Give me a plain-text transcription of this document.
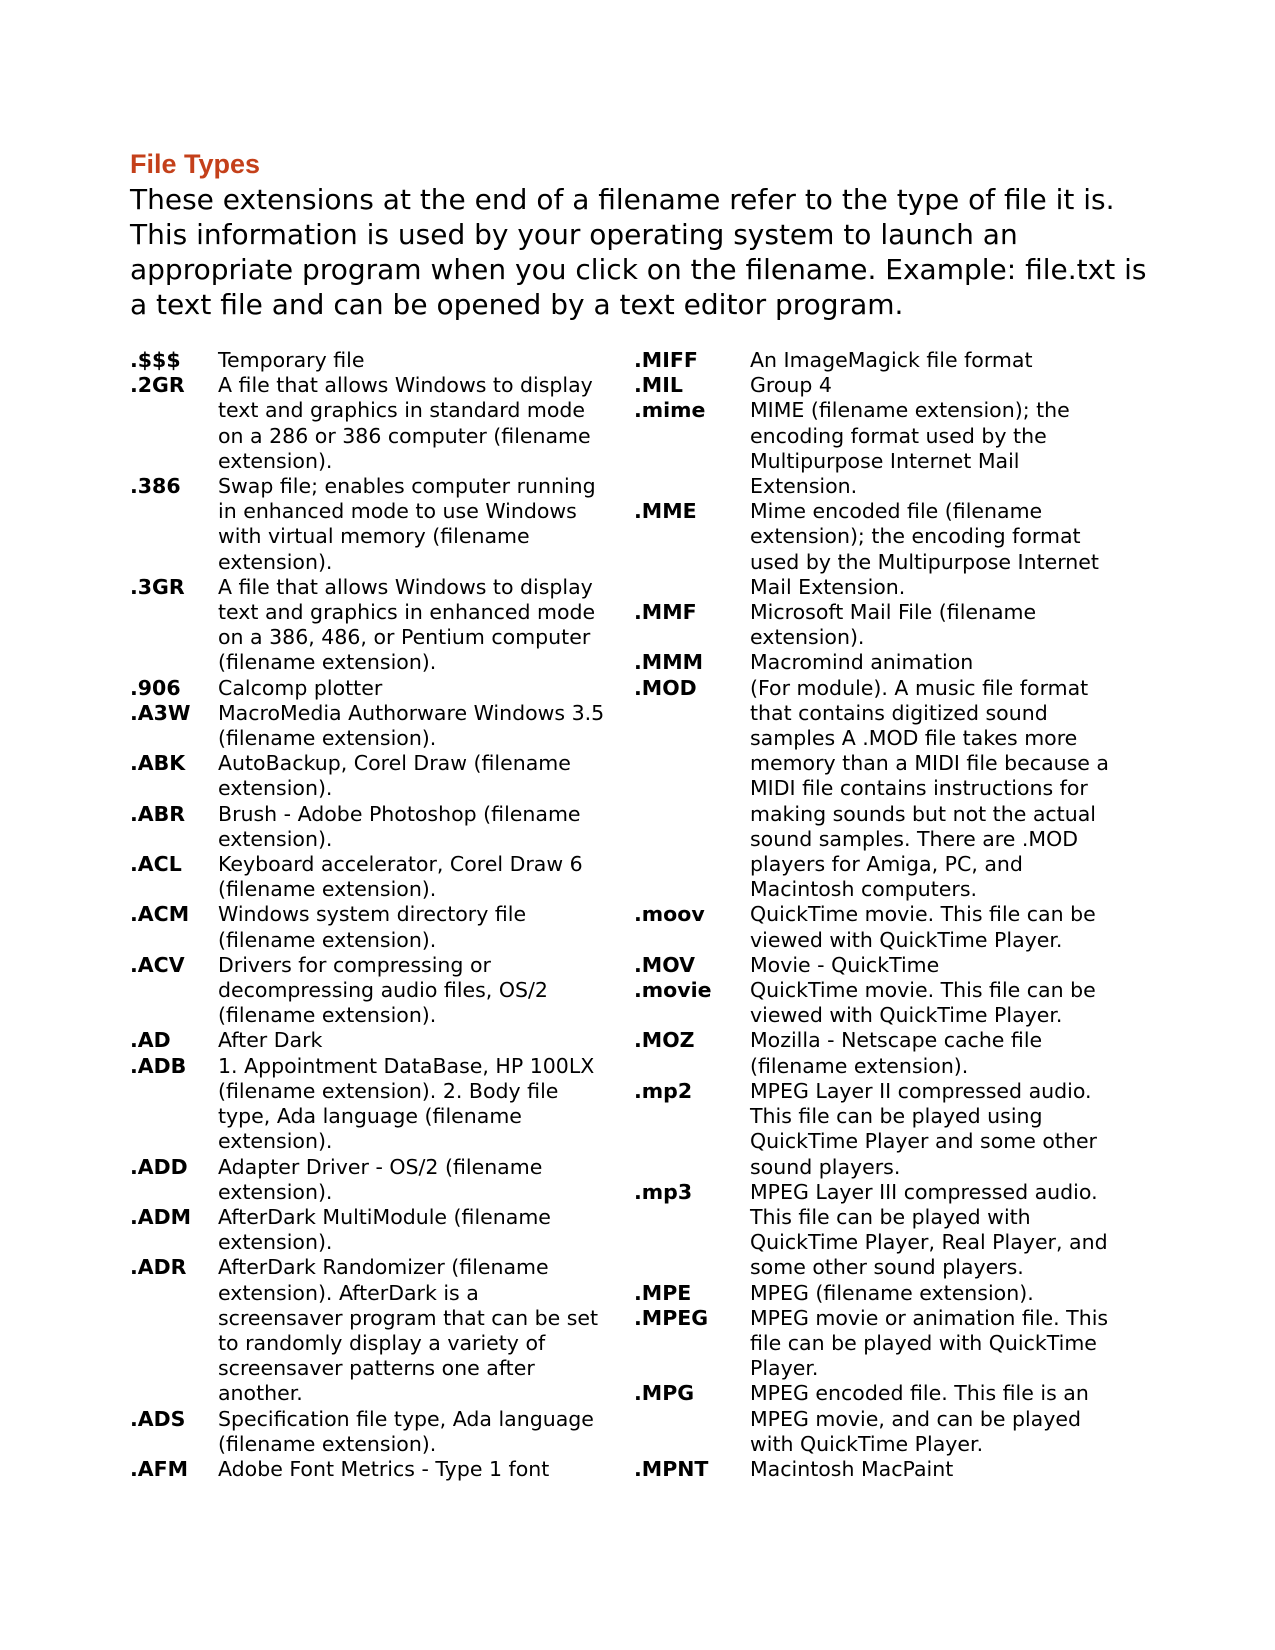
File Types

These extensions at the end of a filename refer to the type of file it is. This information is used by your operating system to launch an appropriate program when you click on the filename. Example: file.txt is a text file and can be opened by a text editor program.

.$$$	Temporary file
.2GR	A file that allows Windows to display
text and graphics in standard mode
on a 286 or 386 computer (filename
extension).
.386	Swap file; enables computer running
in enhanced mode to use Windows
with virtual memory (filename
extension).
.3GR	A file that allows Windows to display
text and graphics in enhanced mode
on a 386, 486, or Pentium computer
(filename extension).
.906	Calcomp plotter
.A3W	MacroMedia Authorware Windows 3.5
(filename extension).
.ABK	AutoBackup, Corel Draw (filename
extension).
.ABR	Brush - Adobe Photoshop (filename
extension).
.ACL	Keyboard accelerator, Corel Draw 6
(filename extension).
.ACM	Windows system directory file
(filename extension).
.ACV	Drivers for compressing or
decompressing audio files, OS/2
(filename extension).
.AD	After Dark
.ADB	1. Appointment DataBase, HP 100LX
(filename extension). 2. Body file
type, Ada language (filename
extension).
.ADD	Adapter Driver - OS/2 (filename
extension).
.ADM	AfterDark MultiModule (filename
extension).
.ADR	AfterDark Randomizer (filename
extension). AfterDark is a
screensaver program that can be set
to randomly display a variety of
screensaver patterns one after
another.
.ADS	Specification file type, Ada language
(filename extension).
.AFM	Adobe Font Metrics - Type 1 font
.MIFF	An ImageMagick file format
.MIL	Group 4
.mime	MIME (filename extension); the
encoding format used by the
Multipurpose Internet Mail
Extension.
.MME	Mime encoded file (filename
extension); the encoding format
used by the Multipurpose Internet
Mail Extension.
.MMF	Microsoft Mail File (filename
extension).
.MMM	Macromind animation
.MOD	(For module). A music file format
that contains digitized sound
samples A .MOD file takes more
memory than a MIDI file because a
MIDI file contains instructions for
making sounds but not the actual
sound samples. There are .MOD
players for Amiga, PC, and
Macintosh computers.
.moov	QuickTime movie. This file can be
viewed with QuickTime Player.
.MOV	Movie - QuickTime
.movie	QuickTime movie. This file can be
viewed with QuickTime Player.
.MOZ	Mozilla - Netscape cache file
(filename extension).
.mp2	MPEG Layer II compressed audio.
This file can be played using
QuickTime Player and some other
sound players.
.mp3	MPEG Layer III compressed audio.
This file can be played with
QuickTime Player, Real Player, and
some other sound players.
.MPE	MPEG (filename extension).
.MPEG	MPEG movie or animation file. This
file can be played with QuickTime
Player.
.MPG	MPEG encoded file. This file is an
MPEG movie, and can be played
with QuickTime Player.
.MPNT	Macintosh MacPaint
